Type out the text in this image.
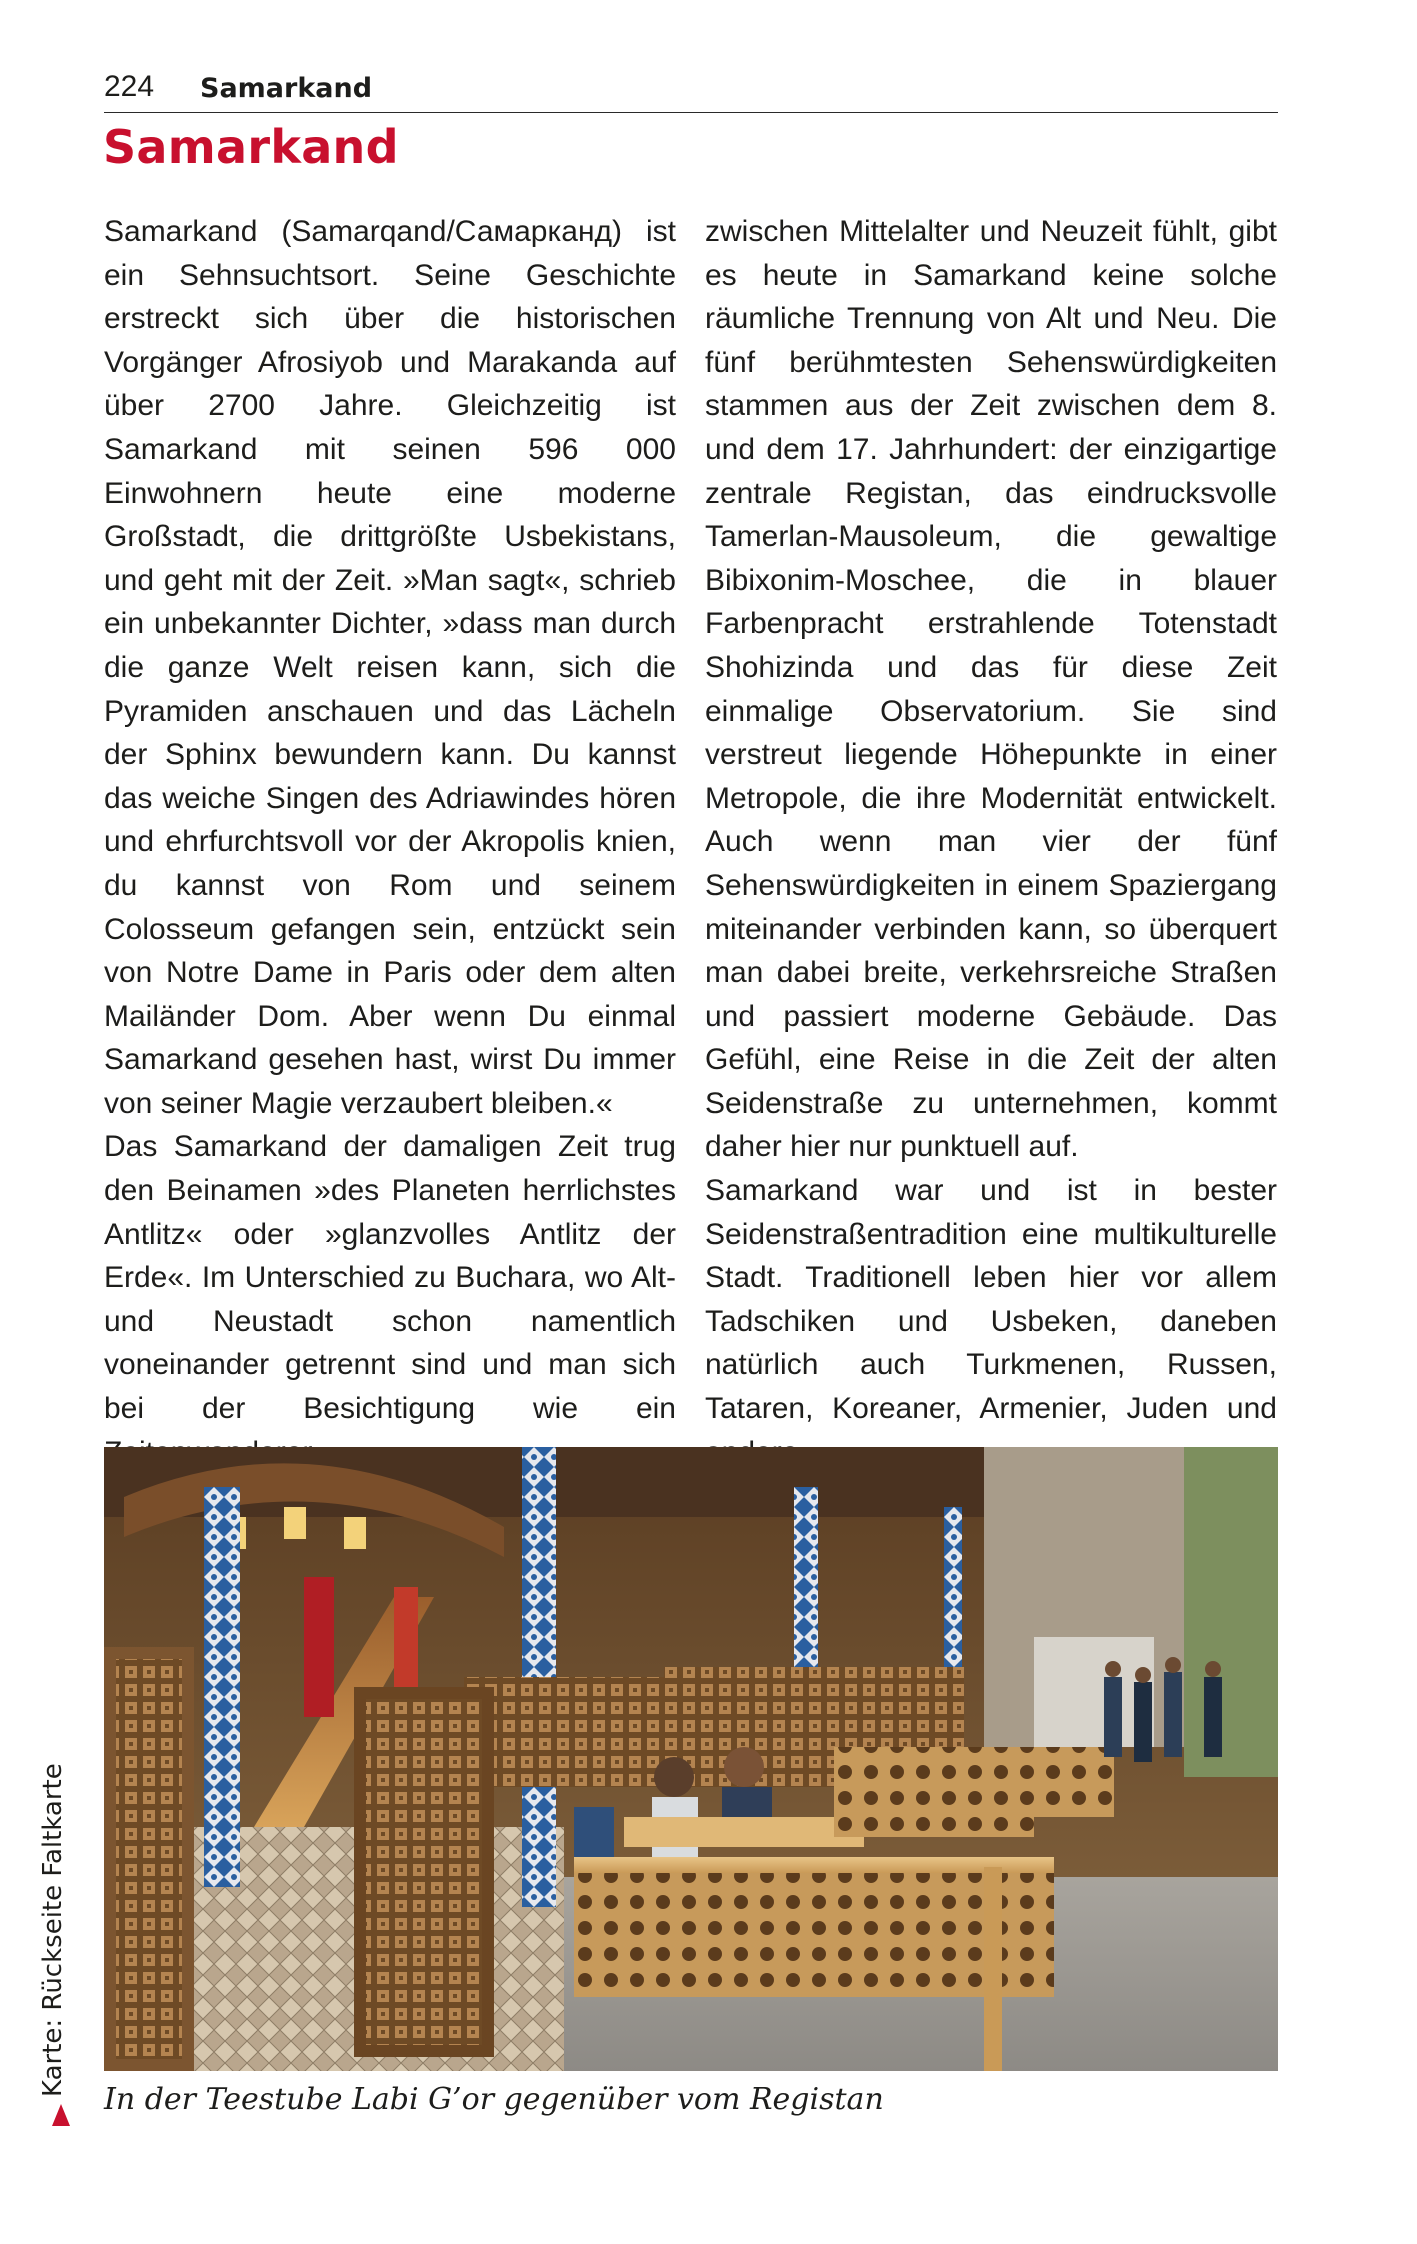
224 Samarkand
Samarkand

Samarkand (Samarqand/Самарканд) ist ein Sehnsuchtsort. Seine Geschichte erstreckt sich über die historischen Vorgänger Afrosiyob und Marakanda auf über 2700 Jahre. Gleichzeitig ist Samarkand mit seinen 596 000 Einwohnern heute eine moderne Großstadt, die drittgrößte Usbekistans, und geht mit der Zeit. »Man sagt«, schrieb ein unbekannter Dichter, »dass man durch die ganze Welt reisen kann, sich die Pyramiden anschauen und das Lächeln der Sphinx bewundern kann. Du kannst das weiche Singen des Adriawindes hören und ehrfurchtsvoll vor der Akropolis knien, du kannst von Rom und seinem Colosseum gefangen sein, entzückt sein von Notre Dame in Paris oder dem alten Mailänder Dom. Aber wenn Du einmal Samarkand gesehen hast, wirst Du immer von seiner Magie verzaubert bleiben.«

Das Samarkand der damaligen Zeit trug den Beinamen »des Planeten herrlichstes Antlitz« oder »glanzvolles Antlitz der Erde«. Im Unterschied zu Buchara, wo Alt- und Neustadt schon namentlich voneinander getrennt sind und man sich bei der Besichtigung wie ein

zwischen Mittelalter und Neuzeit fühlt, gibt es heute in Samarkand keine solche räumliche Trennung von Alt und Neu. Die fünf berühmtesten Sehenswürdigkeiten stammen aus der Zeit zwischen dem 8. und dem 17. Jahrhundert: der einzigartige zentrale Registan, das eindrucksvolle Tamerlan-Mausoleum, die gewaltige Bibixonim-Moschee, die in blauer Farbenpracht erstrahlende Totenstadt Shohizinda und das für diese Zeit einmalige Observatorium. Sie sind verstreut liegende Höhepunkte in einer Metropole, die ihre Modernität entwickelt. Auch wenn man vier der fünf Sehenswürdigkeiten in einem Spaziergang miteinander verbinden kann, so überquert man dabei breite, verkehrsreiche Straßen und passiert moderne Gebäude. Das Gefühl, eine Reise in die Zeit der alten Seidenstraße zu unternehmen, kommt daher hier nur punktuell auf.

Samarkand war und ist in bester Seidenstraßentradition eine multikulturelle Stadt. Traditionell leben hier vor allem Tadschiken und Usbeken, daneben natürlich auch Turkmenen, Russen, Tataren, Koreaner, Armenier, Juden und

In der Teestube Labi G’or gegenüber vom Registan
Karte: Rückseite Faltkarte
